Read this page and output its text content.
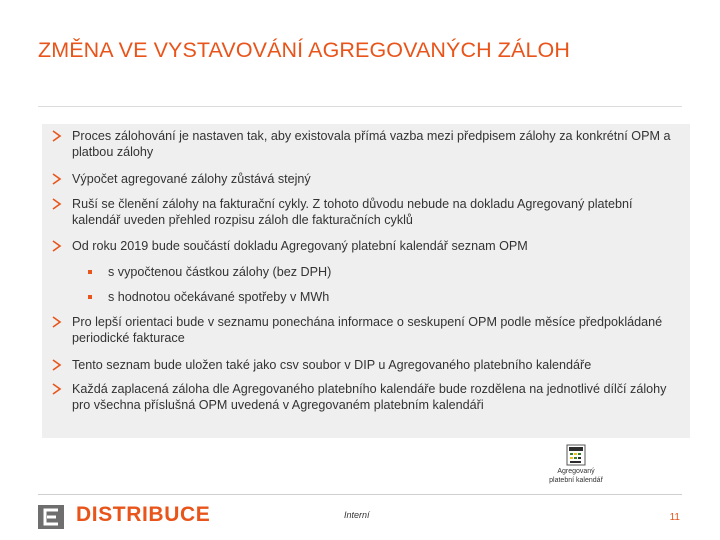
ZMĚNA VE VYSTAVOVÁNÍ AGREGOVANÝCH ZÁLOH
Proces zálohování je nastaven tak, aby existovala přímá vazba mezi předpisem zálohy za konkrétní OPM a platbou zálohy
Výpočet agregované zálohy zůstává stejný
Ruší se členění zálohy na fakturační cykly. Z tohoto důvodu nebude na dokladu Agregovaný platební kalendář uveden přehled rozpisu záloh dle fakturačních cyklů
Od roku 2019 bude součástí dokladu Agregovaný platební kalendář seznam OPM
s vypočtenou částkou zálohy (bez DPH)
s hodnotou očekávané spotřeby v MWh
Pro lepší orientaci bude v seznamu ponechána informace o seskupení OPM podle měsíce předpokládané periodické fakturace
Tento seznam bude uložen také jako csv soubor v DIP u Agregovaného platebního kalendáře
Každá zaplacená záloha dle Agregovaného platebního kalendáře bude rozdělena na jednotlivé dílčí zálohy pro všechna příslušná OPM uvedená v Agregovaném platebním kalendáři
Agregovaný
platební kalendář
DISTRIBUCE	Interní	11
